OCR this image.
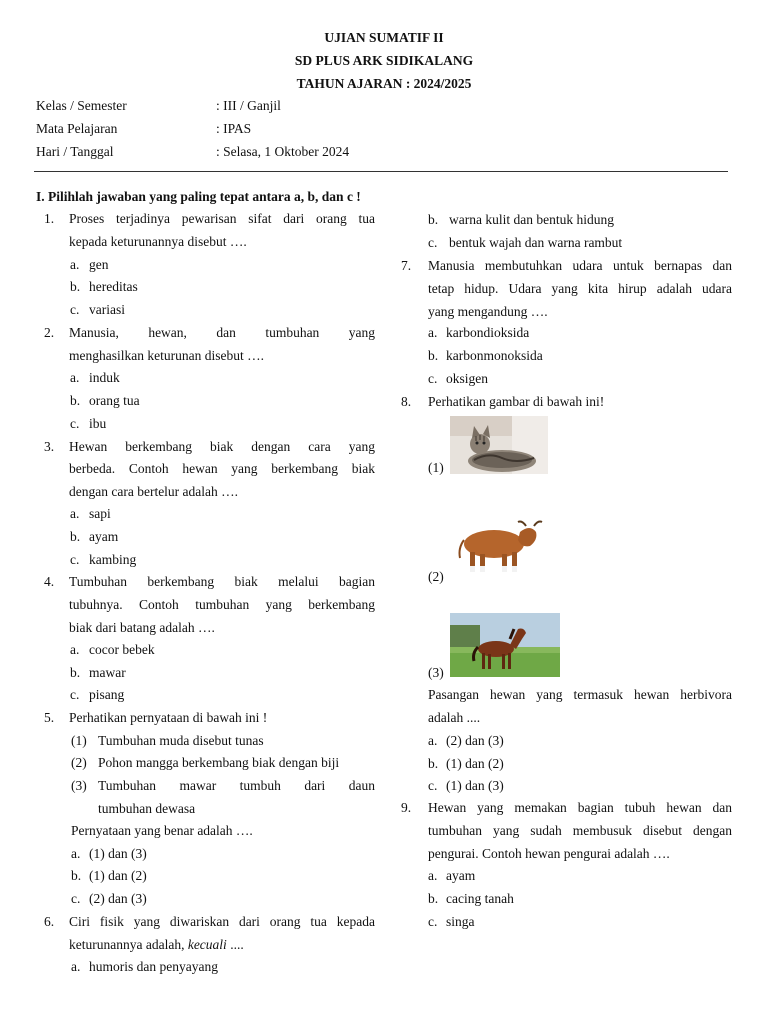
UJIAN SUMATIF II
SD PLUS ARK SIDIKALANG
TAHUN AJARAN : 2024/2025
Kelas / Semester	: III / Ganjil
Mata Pelajaran	: IPAS
Hari / Tanggal	: Selasa, 1 Oktober 2024
I. Pilihlah jawaban yang paling tepat antara a, b, dan c !
1. Proses terjadinya pewarisan sifat dari orang tua
kepada keturunannya disebut ….
a. gen
b. hereditas
c. variasi
2. Manusia, hewan, dan tumbuhan yang
menghasilkan keturunan disebut ….
a. induk
b. orang tua
c. ibu
3. Hewan berkembang biak dengan cara yang
berbeda. Contoh hewan yang berkembang biak
dengan cara bertelur adalah ….
a. sapi
b. ayam
c. kambing
4. Tumbuhan berkembang biak melalui bagian
tubuhnya. Contoh tumbuhan yang berkembang
biak dari batang adalah ….
a. cocor bebek
b. mawar
c. pisang
5. Perhatikan pernyataan di bawah ini !
(1) Tumbuhan muda disebut tunas
(2) Pohon mangga berkembang biak dengan biji
(3) Tumbuhan mawar tumbuh dari daun
tumbuhan dewasa
Pernyataan yang benar adalah ….
a. (1) dan (3)
b. (1) dan (2)
c. (2) dan (3)
6. Ciri fisik yang diwariskan dari orang tua kepada
keturunannya adalah, kecuali ....
a. humoris dan penyayang
b. warna kulit dan bentuk hidung
c. bentuk wajah dan warna rambut
7. Manusia membutuhkan udara untuk bernapas dan
tetap hidup. Udara yang kita hirup adalah udara
yang mengandung ….
a. karbondioksida
b. karbonmonoksida
c. oksigen
8. Perhatikan gambar di bawah ini!
(1)
(2)
(3)
Pasangan hewan yang termasuk hewan herbivora
adalah ....
a. (2) dan (3)
b. (1) dan (2)
c. (1) dan (3)
9. Hewan yang memakan bagian tubuh hewan dan
tumbuhan yang sudah membusuk disebut dengan
pengurai. Contoh hewan pengurai adalah ….
a. ayam
b. cacing tanah
c. singa
